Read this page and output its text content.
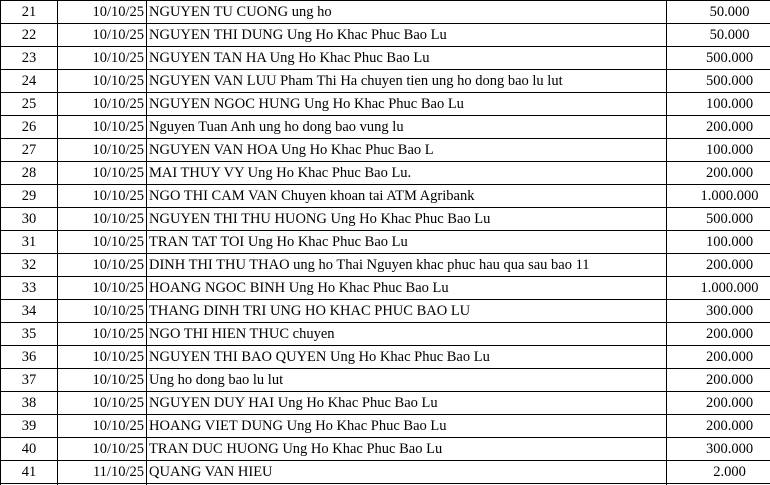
21	10/10/25	NGUYEN TU CUONG ung ho	50.000	
22	10/10/25	NGUYEN THI DUNG Ung Ho Khac Phuc Bao Lu	50.000	
23	10/10/25	NGUYEN TAN HA Ung Ho Khac Phuc Bao Lu	500.000	
24	10/10/25	NGUYEN VAN LUU Pham Thi Ha chuyen tien ung ho dong bao lu lut	500.000	
25	10/10/25	NGUYEN NGOC HUNG Ung Ho Khac Phuc Bao Lu	100.000	
26	10/10/25	Nguyen Tuan Anh ung ho dong bao vung lu	200.000	
27	10/10/25	NGUYEN VAN HOA Ung Ho Khac Phuc Bao L	100.000	
28	10/10/25	MAI THUY VY Ung Ho Khac Phuc Bao Lu.	200.000	
29	10/10/25	NGO THI CAM VAN Chuyen khoan tai ATM Agribank	1.000.000	
30	10/10/25	NGUYEN THI THU HUONG Ung Ho Khac Phuc Bao Lu	500.000	
31	10/10/25	TRAN TAT TOI Ung Ho Khac Phuc Bao Lu	100.000	
32	10/10/25	DINH THI THU THAO ung ho Thai Nguyen khac phuc hau qua sau bao 11	200.000	
33	10/10/25	HOANG NGOC BINH Ung Ho Khac Phuc Bao Lu	1.000.000	
34	10/10/25	THANG DINH TRI UNG HO KHAC PHUC BAO LU	300.000	
35	10/10/25	NGO THI HIEN THUC chuyen	200.000	
36	10/10/25	NGUYEN THI BAO QUYEN Ung Ho Khac Phuc Bao Lu	200.000	
37	10/10/25	Ung ho dong bao lu lut	200.000	
38	10/10/25	NGUYEN DUY HAI Ung Ho Khac Phuc Bao Lu	200.000	
39	10/10/25	HOANG VIET DUNG Ung Ho Khac Phuc Bao Lu	200.000	
40	10/10/25	TRAN DUC HUONG Ung Ho Khac Phuc Bao Lu	300.000	
41	11/10/25	QUANG VAN HIEU	2.000	
